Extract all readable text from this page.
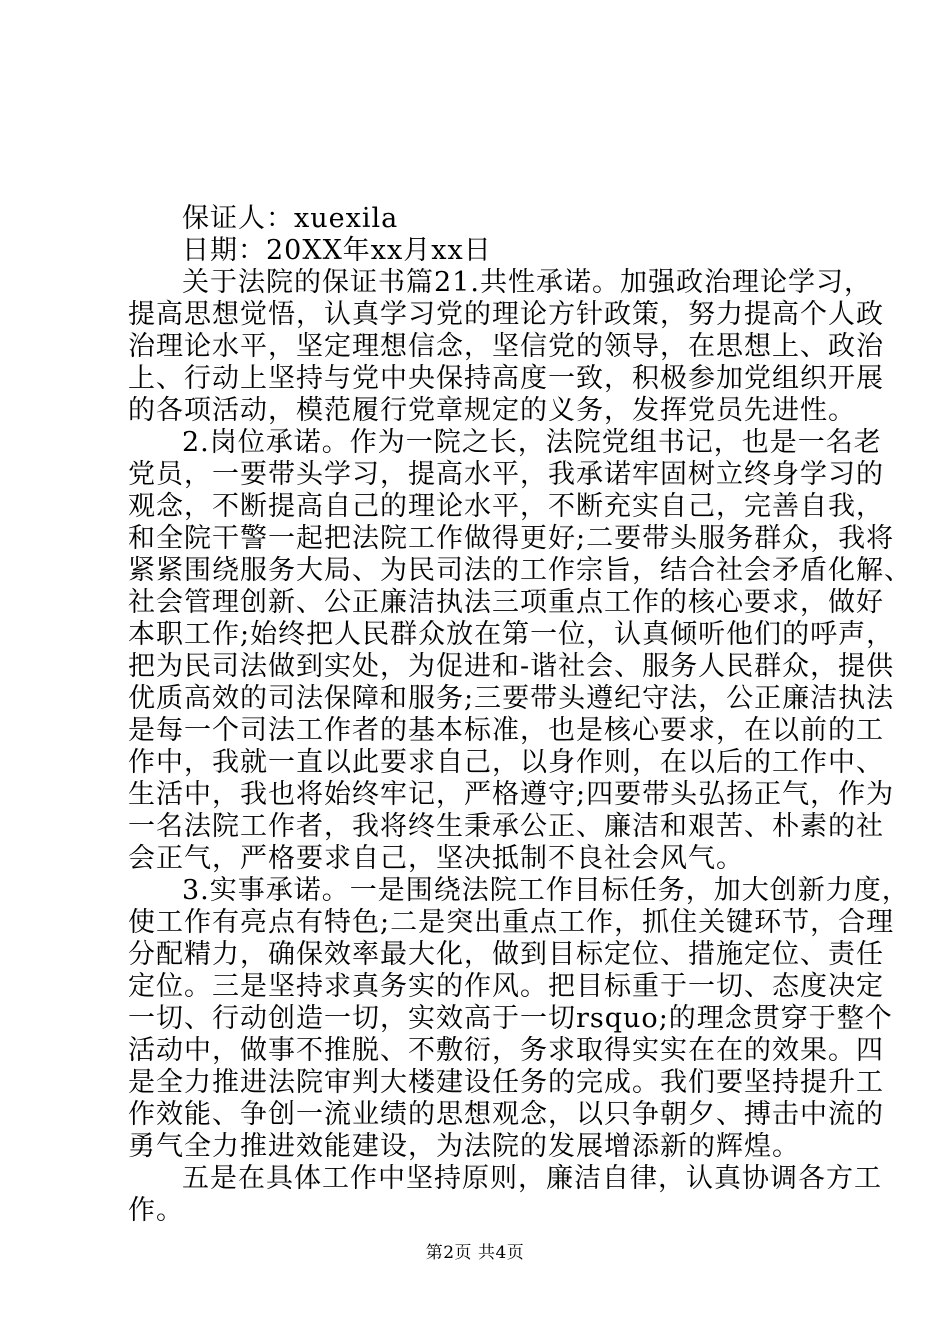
保证人：xuexila
日期：20XX年xx月xx日
关于法院的保证书篇21.共性承诺。加强政治理论学习，
提高思想觉悟，认真学习党的理论方针政策，努力提高个人政
治理论水平，坚定理想信念，坚信党的领导，在思想上、政治
上、行动上坚持与党中央保持高度一致，积极参加党组织开展
的各项活动，模范履行党章规定的义务，发挥党员先进性。
2.岗位承诺。作为一院之长，法院党组书记，也是一名老
党员，一要带头学习，提高水平，我承诺牢固树立终身学习的
观念，不断提高自己的理论水平，不断充实自己，完善自我，
和全院干警一起把法院工作做得更好;二要带头服务群众，我将
紧紧围绕服务大局、为民司法的工作宗旨，结合社会矛盾化解、
社会管理创新、公正廉洁执法三项重点工作的核心要求，做好
本职工作;始终把人民群众放在第一位，认真倾听他们的呼声，
把为民司法做到实处，为促进和-谐社会、服务人民群众，提供
优质高效的司法保障和服务;三要带头遵纪守法，公正廉洁执法
是每一个司法工作者的基本标准，也是核心要求，在以前的工
作中，我就一直以此要求自己，以身作则，在以后的工作中、
生活中，我也将始终牢记，严格遵守;四要带头弘扬正气，作为
一名法院工作者，我将终生秉承公正、廉洁和艰苦、朴素的社
会正气，严格要求自己，坚决抵制不良社会风气。
3.实事承诺。一是围绕法院工作目标任务，加大创新力度，
使工作有亮点有特色;二是突出重点工作，抓住关键环节，合理
分配精力，确保效率最大化，做到目标定位、措施定位、责任
定位。三是坚持求真务实的作风。把目标重于一切、态度决定
一切、行动创造一切，实效高于一切rsquo;的理念贯穿于整个
活动中，做事不推脱、不敷衍，务求取得实实在在的效果。四
是全力推进法院审判大楼建设任务的完成。我们要坚持提升工
作效能、争创一流业绩的思想观念，以只争朝夕、搏击中流的
勇气全力推进效能建设，为法院的发展增添新的辉煌。
五是在具体工作中坚持原则，廉洁自律，认真协调各方工
作。
第2页 共4页
